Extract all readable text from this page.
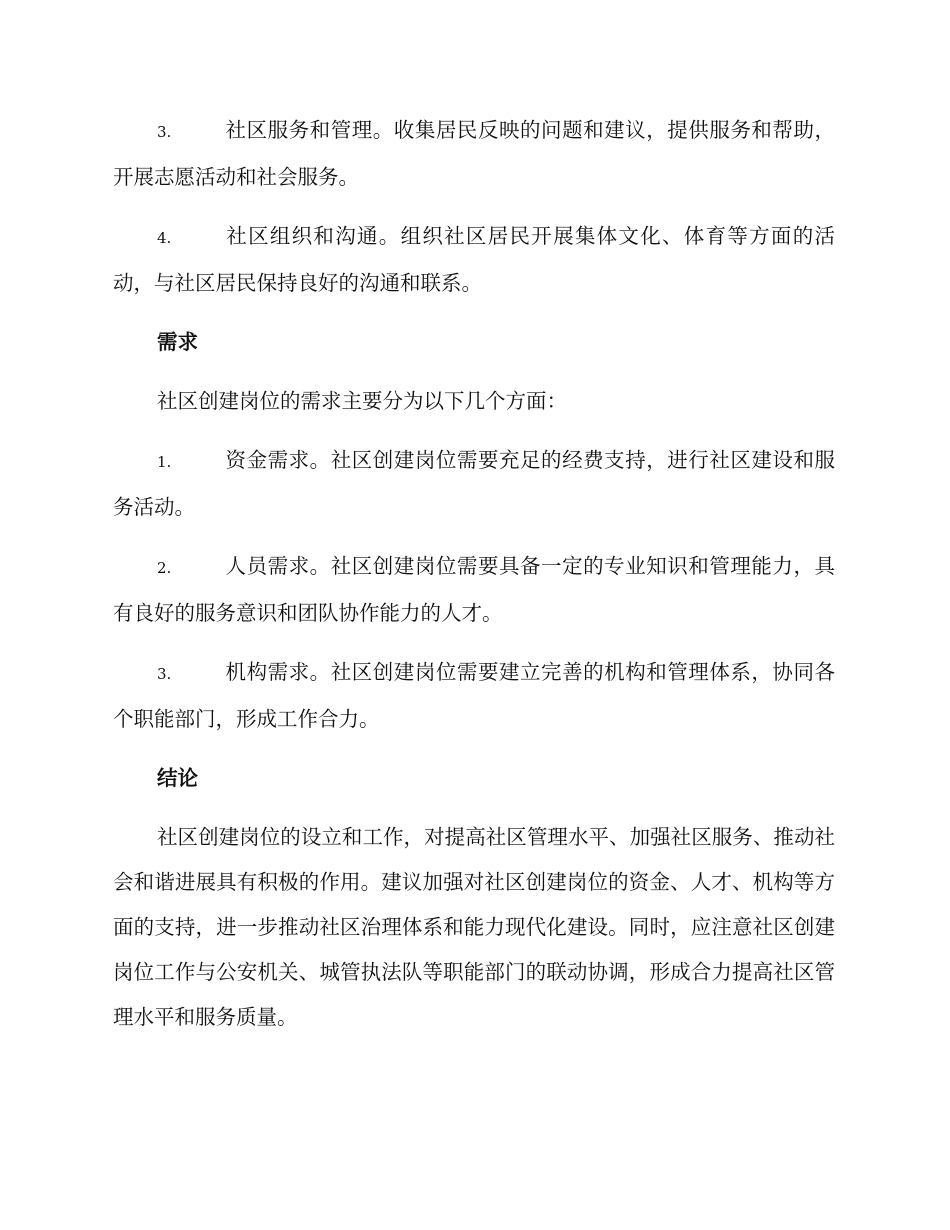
3.	社区服务和管理。收集居民反映的问题和建议，提供服务和帮助，开展志愿活动和社会服务。

4.	社区组织和沟通。组织社区居民开展集体文化、体育等方面的活动，与社区居民保持良好的沟通和联系。

需求

社区创建岗位的需求主要分为以下几个方面：

1.	资金需求。社区创建岗位需要充足的经费支持，进行社区建设和服务活动。

2.	人员需求。社区创建岗位需要具备一定的专业知识和管理能力，具有良好的服务意识和团队协作能力的人才。

3.	机构需求。社区创建岗位需要建立完善的机构和管理体系，协同各个职能部门，形成工作合力。

结论

社区创建岗位的设立和工作，对提高社区管理水平、加强社区服务、推动社会和谐进展具有积极的作用。建议加强对社区创建岗位的资金、人才、机构等方面的支持，进一步推动社区治理体系和能力现代化建设。同时，应注意社区创建岗位工作与公安机关、城管执法队等职能部门的联动协调，形成合力提高社区管理水平和服务质量。
